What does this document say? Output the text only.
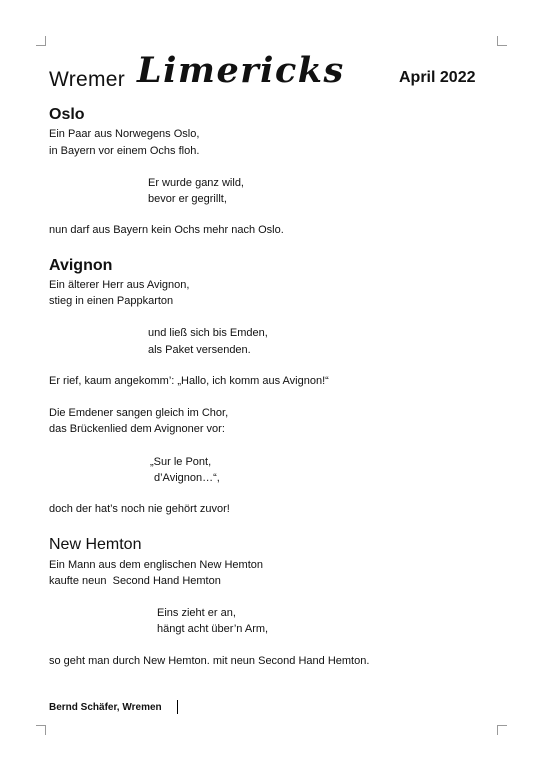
Wremer Limericks	April 2022
Oslo
Ein Paar aus Norwegens Oslo,
in Bayern vor einem Ochs floh.
Er wurde ganz wild,
bevor er gegrillt,
nun darf aus Bayern kein Ochs mehr nach Oslo.
Avignon
Ein älterer Herr aus Avignon,
stieg in einen Pappkarton
und ließ sich bis Emden,
als Paket versenden.
Er rief, kaum angekomm’: „Hallo, ich komm aus Avignon!“
Die Emdener sangen gleich im Chor,
das Brückenlied dem Avignoner vor:
„Sur le Pont,
d’Avignon…“,
doch der hat’s noch nie gehört zuvor!
New Hemton
Ein Mann aus dem englischen New Hemton
kaufte neun  Second Hand Hemton
Eins zieht er an,
hängt acht über’n Arm,
so geht man durch New Hemton. mit neun Second Hand Hemton.
Bernd Schäfer, Wremen
